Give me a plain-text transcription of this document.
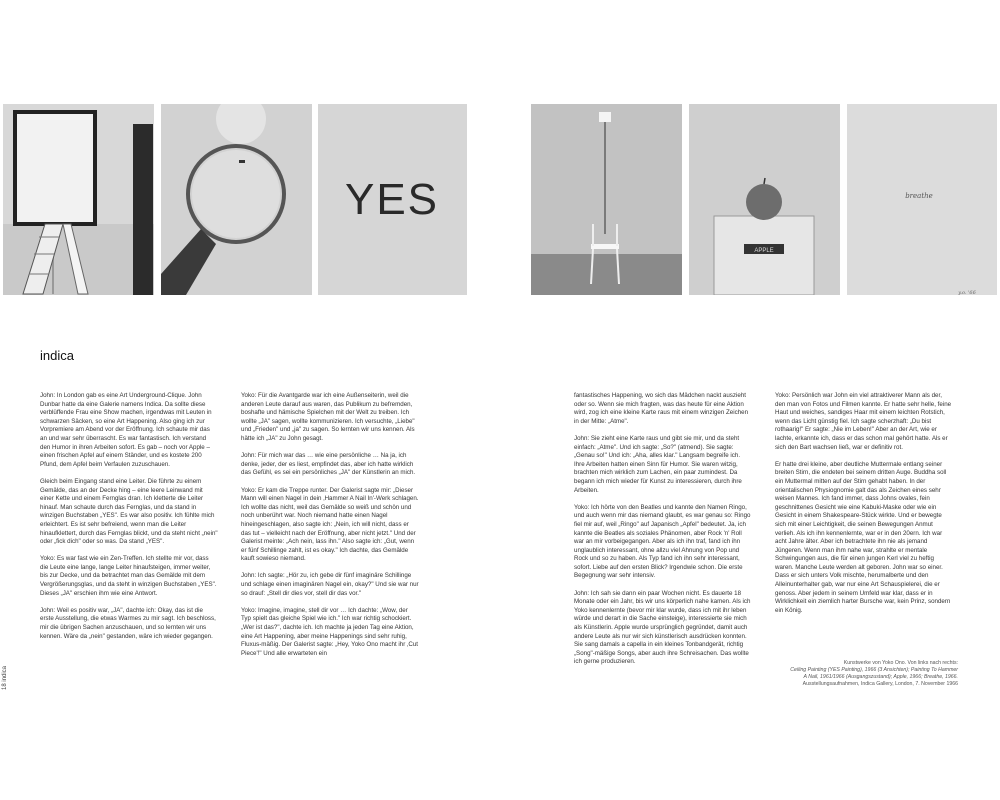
YES
APPLE
breathe
y.o. '66
indica

John: In London gab es eine Art Underground-Clique. John Dunbar hatte da eine Galerie namens Indica. Da sollte diese verblüffende Frau eine Show machen, irgendwas mit Leuten in schwarzen Säcken, so eine Art Happening. Also ging ich zur Vorpremiere am Abend vor der Eröffnung. Ich schaute mir das an und war sehr überrascht. Es war fantastisch. Ich verstand den Humor in ihren Arbeiten sofort. Es gab – noch vor Apple – einen frischen Apfel auf einem Ständer, und es kostete 200 Pfund, dem Apfel beim Verfaulen zuzuschauen.

Gleich beim Eingang stand eine Leiter. Die führte zu einem Gemälde, das an der Decke hing – eine leere Leinwand mit einer Kette und einem Fernglas dran. Ich kletterte die Leiter hinauf. Man schaute durch das Fernglas, und da stand in winzigen Buchstaben „YES". Es war also positiv. Ich fühlte mich erleichtert. Es ist sehr befreiend, wenn man die Leiter hinaufklettert, durch das Fernglas blickt, und da steht nicht „nein" oder „fick dich" oder so was. Da stand „YES".

Yoko: Es war fast wie ein Zen-Treffen. Ich stellte mir vor, dass die Leute eine lange, lange Leiter hinaufsteigen, immer weiter, bis zur Decke, und da betrachtet man das Gemälde mit dem Vergrößerungsglas, und da steht in winzigen Buchstaben „YES". Dieses „JA" erschien ihm wie eine Antwort.

John: Weil es positiv war, „JA", dachte ich: Okay, das ist die erste Ausstellung, die etwas Warmes zu mir sagt. Ich beschloss, mir die übrigen Sachen anzuschauen, und so lernten wir uns kennen. Wäre da „nein" gestanden, wäre ich wieder gegangen.

Yoko: Für die Avantgarde war ich eine Außenseiterin, weil die anderen Leute darauf aus waren, das Publikum zu befremden, boshafte und hämische Spielchen mit der Welt zu treiben. Ich wollte „JA" sagen, wollte kommunizieren. Ich versuchte, „Liebe" und „Frieden" und „ja" zu sagen. So lernten wir uns kennen. Als hätte ich „JA" zu John gesagt.

John: Für mich war das … wie eine persönliche … Na ja, ich denke, jeder, der es liest, empfindet das, aber ich hatte wirklich das Gefühl, es sei ein persönliches „JA" der Künstlerin an mich.

Yoko: Er kam die Treppe runter. Der Galerist sagte mir: „Dieser Mann will einen Nagel in dein ‚Hammer A Nail In'-Werk schlagen. Ich wollte das nicht, weil das Gemälde so weiß und schön und noch unberührt war. Noch niemand hatte einen Nagel hineingeschlagen, also sagte ich: „Nein, ich will nicht, dass er das tut – vielleicht nach der Eröffnung, aber nicht jetzt." Und der Galerist meinte: „Ach nein, lass ihn." Also sagte ich: „Gut, wenn er fünf Schillinge zahlt, ist es okay." Ich dachte, das Gemälde kauft sowieso niemand.

John: Ich sagte: „Hör zu, ich gebe dir fünf imaginäre Schillinge und schlage einen imaginären Nagel ein, okay?" Und sie war nur so drauf: „Stell dir dies vor, stell dir das vor."

Yoko: Imagine, imagine, stell dir vor … Ich dachte: „Wow, der Typ spielt das gleiche Spiel wie ich." Ich war richtig schockiert. „Wer ist das?", dachte ich. Ich machte ja jeden Tag eine Aktion, eine Art Happening, aber meine Happenings sind sehr ruhig, Fluxus-mäßig. Der Galerist sagte: „Hey, Yoko Ono macht ihr ‚Cut Piece'!" Und alle erwarteten ein

fantastisches Happening, wo sich das Mädchen nackt auszieht oder so. Wenn sie mich fragten, was das heute für eine Aktion wird, zog ich eine kleine Karte raus mit einem winzigen Zeichen in der Mitte: „Atme".

John: Sie zieht eine Karte raus und gibt sie mir, und da steht einfach: „Atme". Und ich sagte: „So?" (atmend). Sie sagte: „Genau so!" Und ich: „Aha, alles klar." Langsam begreife ich. Ihre Arbeiten hatten einen Sinn für Humor. Sie waren witzig, brachten mich wirklich zum Lachen, ein paar zumindest. Da begann ich mich wieder für Kunst zu interessieren, durch ihre Arbeiten.

Yoko: Ich hörte von den Beatles und kannte den Namen Ringo, und auch wenn mir das niemand glaubt, es war genau so: Ringo fiel mir auf, weil „Ringo" auf Japanisch „Apfel" bedeutet. Ja, ich kannte die Beatles als soziales Phänomen, aber Rock 'n' Roll war an mir vorbeigegangen. Aber als ich ihn traf, fand ich ihn unglaublich interessant, ohne allzu viel Ahnung von Pop und Rock und so zu haben. Als Typ fand ich ihn sehr interessant, sofort. Liebe auf den ersten Blick? Irgendwie schon. Die erste Begegnung war sehr intensiv.

John: Ich sah sie dann ein paar Wochen nicht. Es dauerte 18 Monate oder ein Jahr, bis wir uns körperlich nahe kamen. Als ich Yoko kennenlernte (bevor mir klar wurde, dass ich mit ihr leben würde und derart in die Sache einsteige), interessierte sie mich als Künstlerin. Apple wurde ursprünglich gegründet, damit auch andere Leute als nur wir sich künstlerisch ausdrücken konnten. Sie sang damals a capella in ein kleines Tonbandgerät, richtig „Song"-mäßige Songs, aber auch ihre Schreisachen. Das wollte ich gerne produzieren.

Yoko: Persönlich war John ein viel attraktiverer Mann als der, den man von Fotos und Filmen kannte. Er hatte sehr helle, feine Haut und weiches, sandiges Haar mit einem leichten Rotstich, wenn das Licht günstig fiel. Ich sagte scherzhaft: „Du bist rothaarig!" Er sagte: „Nie im Leben!" Aber an der Art, wie er lachte, erkannte ich, dass er das schon mal gehört hatte. Als er sich den Bart wachsen ließ, war er definitiv rot.

Er hatte drei kleine, aber deutliche Muttermale entlang seiner breiten Stirn, die endeten bei seinem dritten Auge. Buddha soll ein Muttermal mitten auf der Stirn gehabt haben. In der orientalischen Physiognomie galt das als Zeichen eines sehr weisen Mannes. Ich fand immer, dass Johns ovales, fein geschnittenes Gesicht wie eine Kabuki-Maske oder wie ein Gesicht in einem Shakespeare-Stück wirkte. Und er bewegte sich mit einer Leichtigkeit, die seinen Bewegungen Anmut verlieh. Als ich ihn kennenlernte, war er in den 20ern. Ich war acht Jahre älter. Aber ich betrachtete ihn nie als jemand Jüngeren. Wenn man ihm nahe war, strahlte er mentale Schwingungen aus, die für einen jungen Kerl viel zu heftig waren. Manche Leute werden alt geboren. John war so einer. Dass er sich unters Volk mischte, herumalberte und den Alleinunterhalter gab, war nur eine Art Schauspielerei, die er genoss. Aber jedem in seinem Umfeld war klar, dass er in Wirklichkeit ein ziemlich harter Bursche war, kein Prinz, sondern ein König.

18 indica
Kunstwerke von Yoko Ono. Von links nach rechts:
Ceiling Painting (YES Painting), 1966 (3 Ansichten); Painting To Hammer
A Nail, 1961/1966 (Ausgangszustand); Apple, 1966; Breathe, 1966.
Ausstellungsaufnahmen, Indica Gallery, London, 7. November 1966
